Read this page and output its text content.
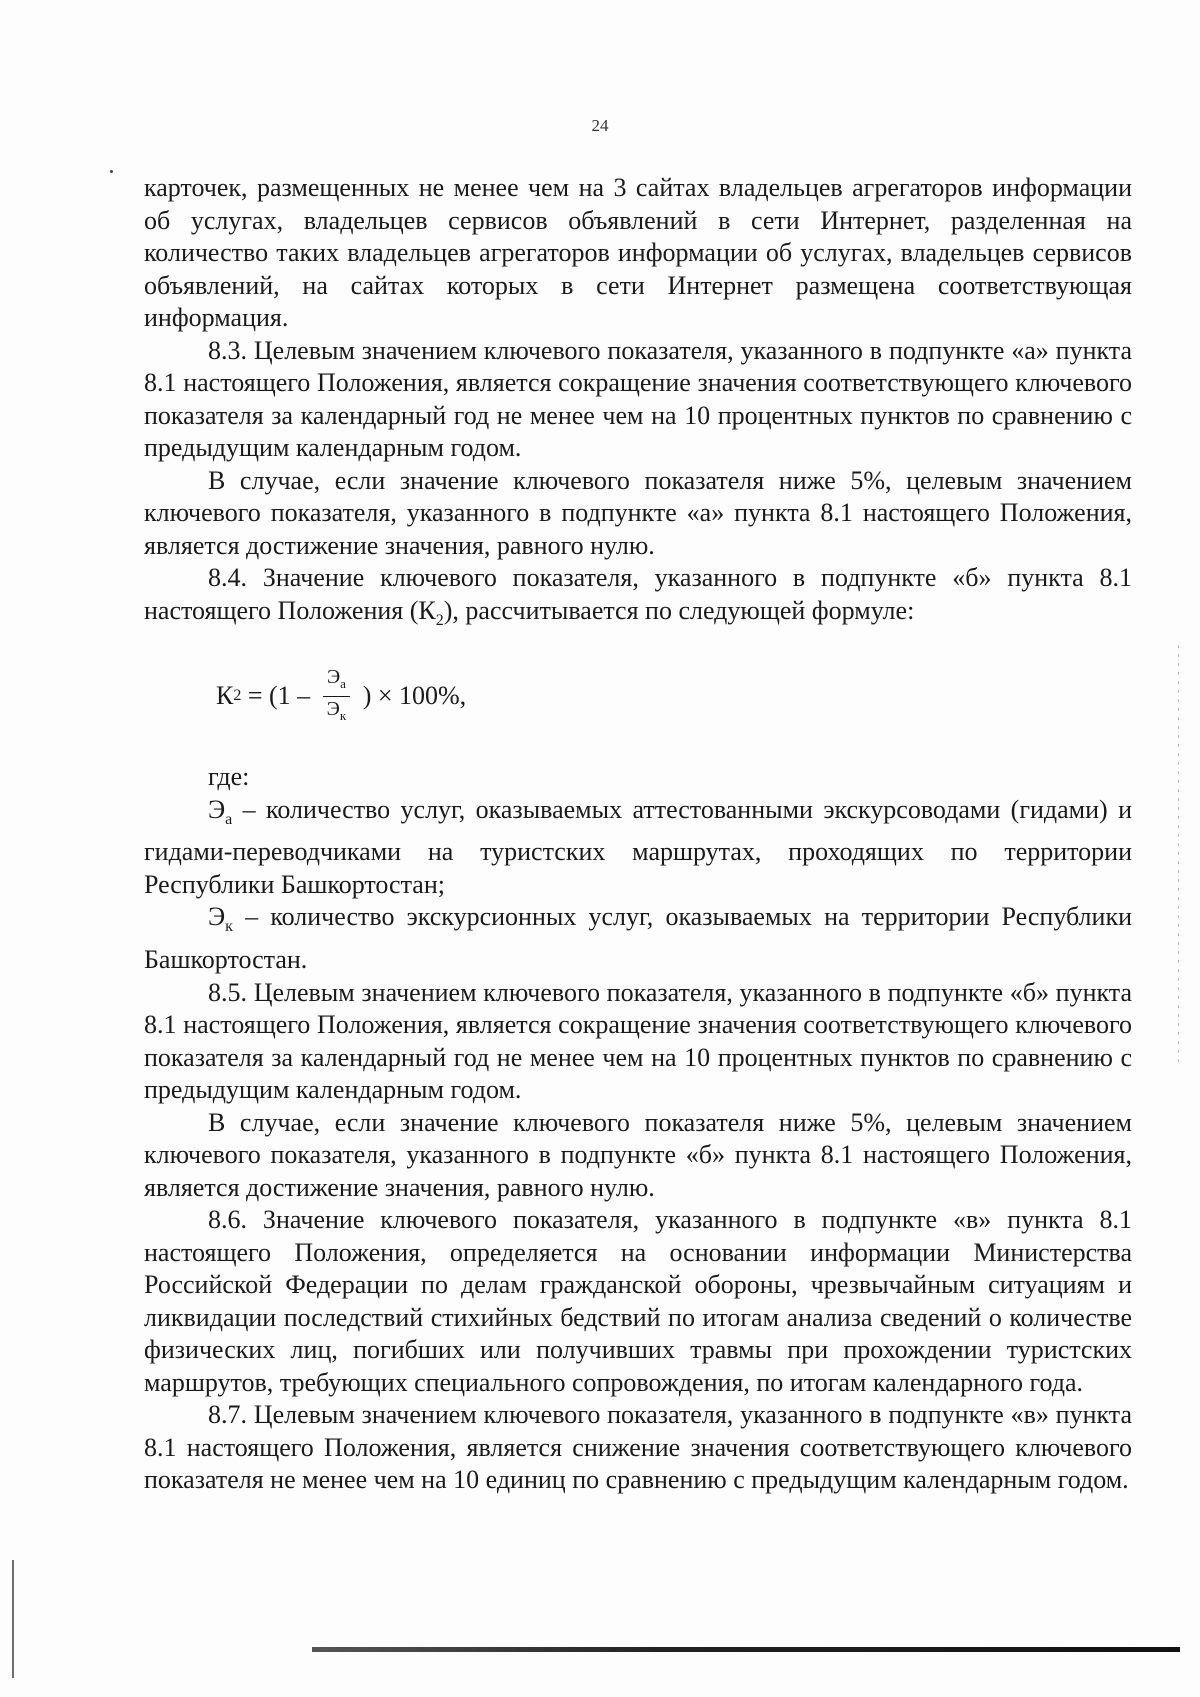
24

карточек, размещенных не менее чем на 3 сайтах владельцев агрегаторов информации об услугах, владельцев сервисов объявлений в сети Интернет, разделенная на количество таких владельцев агрегаторов информации об услугах, владельцев сервисов объявлений, на сайтах которых в сети Интернет размещена соответствующая информация.

8.3. Целевым значением ключевого показателя, указанного в подпункте «а» пункта 8.1 настоящего Положения, является сокращение значения соответствующего ключевого показателя за календарный год не менее чем на 10 процентных пунктов по сравнению с предыдущим календарным годом.

В случае, если значение ключевого показателя ниже 5%, целевым значением ключевого показателя, указанного в подпункте «а» пункта 8.1 настоящего Положения, является достижение значения, равного нулю.

8.4. Значение ключевого показателя, указанного в подпункте «б» пункта 8.1 настоящего Положения $(К_2)$, рассчитывается по следующей формуле:

К $2 = (1 - \frac{Э_а}{Э_к}$ ) × 100%,

где:

$Э_а$ – количество услуг, оказываемых аттестованными экскурсоводами (гидами) и гидами-переводчиками на туристских маршрутах, проходящих по территории Республики Башкортостан;

$Э_к$ – количество экскурсионных услуг, оказываемых на территории Республики Башкортостан.

8.5. Целевым значением ключевого показателя, указанного в подпункте «б» пункта 8.1 настоящего Положения, является сокращение значения соответствующего ключевого показателя за календарный год не менее чем на 10 процентных пунктов по сравнению с предыдущим календарным годом.

В случае, если значение ключевого показателя ниже 5%, целевым значением ключевого показателя, указанного в подпункте «б» пункта 8.1 настоящего Положения, является достижение значения, равного нулю.

8.6. Значение ключевого показателя, указанного в подпункте «в» пункта 8.1 настоящего Положения, определяется на основании информации Министерства Российской Федерации по делам гражданской обороны, чрезвычайным ситуациям и ликвидации последствий стихийных бедствий по итогам анализа сведений о количестве физических лиц, погибших или получивших травмы при прохождении туристских маршрутов, требующих специального сопровождения, по итогам календарного года.

8.7. Целевым значением ключевого показателя, указанного в подпункте «в» пункта 8.1 настоящего Положения, является снижение значения соответствующего ключевого показателя не менее чем на 10 единиц по сравнению с предыдущим календарным годом.
